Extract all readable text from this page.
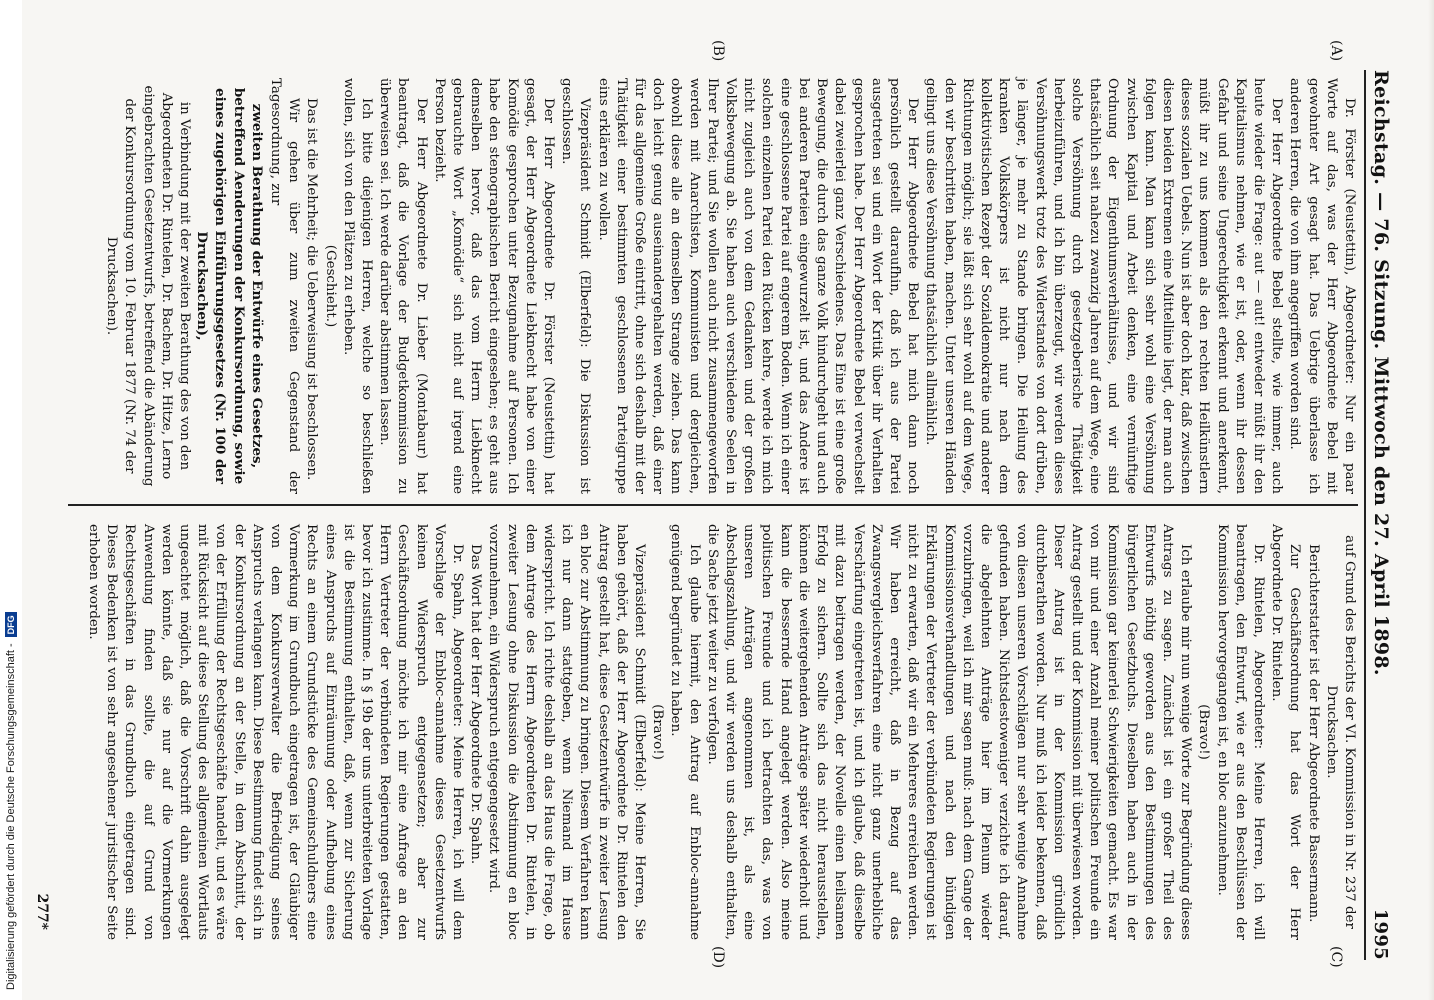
Digitalisierung gefördert durch die Deutsche Forschungsgemeinschaft -
DFG	Reichstag. — 76. Sitzung. Mittwoch den 27. April 1898.
1995
(A)
(B)
(C)
(D)

Dr. Förster (Neustettin), Abgeordneter: Nur ein paar Worte auf das, was der Herr Abgeordnete Bebel mit gewohnter Art gesagt hat. Das Uebrige überlasse ich anderen Herren, die von ihm angegriffen worden sind.

Der Herr Abgeordnete Bebel stellte, wie immer, auch heute wieder die Frage: aut — aut! entweder müßt ihr den Kapitalismus nehmen, wie er ist, oder, wenn ihr dessen Gefahr und seine Ungerechtigkeit erkennt und anerkennt, müßt ihr zu uns kommen als den rechten Heilkünstlern dieses sozialen Uebels. Nun ist aber doch klar, daß zwischen diesen beiden Extremen eine Mittellinie liegt, der man auch folgen kann. Man kann sich sehr wohl eine Versöhnung zwischen Kapital und Arbeit denken, eine vernünftige Ordnung der Eigenthumsverhältnisse, und wir sind thatsächlich seit nahezu zwanzig Jahren auf dem Wege, eine solche Versöhnung durch gesetzgeberische Thätigkeit herbeizuführen, und ich bin überzeugt, wir werden dieses Versöhnungswerk trotz des Widerstandes von dort drüben, je länger, je mehr zu Stande bringen. Die Heilung des kranken Volkskörpers ist nicht nur nach dem kollektivistischen Rezept der Sozialdemokratie und anderer Richtungen möglich; sie läßt sich sehr wohl auf dem Wege, den wir beschritten haben, machen. Unter unseren Händen gelingt uns diese Versöhnung thatsächlich allmählich.

Der Herr Abgeordnete Bebel hat mich dann noch persönlich gestellt daraufhin, daß ich aus der Partei ausgetreten sei und ein Wort der Kritik über ihr Verhalten gesprochen habe. Der Herr Abgeordnete Bebel verwechselt dabei zweierlei ganz Verschiedenes. Das Eine ist eine große Bewegung, die durch das ganze Volk hindurchgeht und auch bei anderen Parteien eingewurzelt ist, und das Andere ist eine geschlossene Partei auf engerem Boden. Wenn ich einer solchen einzelnen Partei den Rücken kehre, werde ich mich nicht zugleich auch von dem Gedanken und der großen Volksbewegung ab. Sie haben auch verschiedene Seelen in Ihrer Partei; und Sie wollen auch nicht zusammengeworfen werden mit Anarchisten, Kommunisten und dergleichen, obwohl diese alle an demselben Strange ziehen. Das kann doch leicht genug auseinandergehalten werden, daß einer für das allgemeine Große eintritt, ohne sich deshalb mit der Thätigkeit einer bestimmten geschlossenen Parteigruppe eins erklären zu wollen.

Vizepräsident Schmidt (Elberfeld): Die Diskussion ist geschlossen.

Der Herr Abgeordnete Dr. Förster (Neustettin) hat gesagt, der Herr Abgeordnete Liebknecht habe von einer Komödie gesprochen unter Bezugnahme auf Personen. Ich habe den stenographischen Bericht eingesehen; es geht aus demselben hervor, daß das vom Herrn Liebknecht gebrauchte Wort „Komödie“ sich nicht auf irgend eine Person bezieht.

Der Herr Abgeordnete Dr. Lieber (Montabaur) hat beantragt, daß die Vorlage der Budgetkommission zu überweisen sei. Ich werde darüber abstimmen lassen.

Ich bitte diejenigen Herren, welche so beschließen wollen, sich von den Plätzen zu erheben.

(Geschieht.)

Das ist die Mehrheit; die Ueberweisung ist beschlossen.

Wir gehen über zum zweiten Gegenstand der Tagesordnung, zur

zweiten Berathung der Entwürfe eines Gesetzes, betreffend Aenderungen der Konkursordnung, sowie eines zugehörigen Einführungsgesetzes (Nr. 100 der Drucksachen),

in Verbindung mit der zweiten Berathung des von den Abgeordneten Dr. Rintelen, Dr. Bachem, Dr. Hitze, Lerno eingebrachten Gesetzentwurfs, betreffend die Abänderung der Konkursordnung vom 10. Februar 1877 (Nr. 74 der Drucksachen).

auf Grund des Berichts der VI. Kommission in Nr. 237 der Drucksachen.

Berichterstatter ist der Herr Abgeordnete Bassermann.

Zur Geschäftsordnung hat das Wort der Herr Abgeordnete Dr. Rintelen.

Dr. Rintelen, Abgeordneter: Meine Herren, ich will beantragen, den Entwurf, wie er aus den Beschlüssen der Kommission hervorgegangen ist, en bloc anzunehmen.

(Bravo!)

Ich erlaube mir nun wenige Worte zur Begründung dieses Antrags zu sagen. Zunächst ist ein großer Theil des Entwurfs nöthig geworden aus den Bestimmungen des bürgerlichen Gesetzbuchs. Dieselben haben auch in der Kommission gar keinerlei Schwierigkeiten gemacht. Es war von mir und einer Anzahl meiner politischen Freunde ein Antrag gestellt und der Kommission mit überwiesen worden. Dieser Antrag ist in der Kommission gründlich durchberathen worden. Nur muß ich leider bekennen, daß von diesen unseren Vorschlägen nur sehr wenige Annahme gefunden haben. Nichtsdestoweniger verzichte ich darauf, die abgelehnten Anträge hier im Plenum wieder vorzubringen, weil ich mir sagen muß: nach dem Gange der Kommissionsverhandlungen und nach den bündigen Erklärungen der Vertreter der verbündeten Regierungen ist nicht zu erwarten, daß wir ein Mehreres erreichen werden. Wir haben erreicht, daß in Bezug auf das Zwangsvergleichsverfahren eine nicht ganz unerhebliche Verschärfung eingetreten ist, und ich glaube, daß dieselbe mit dazu beitragen werden, der Novelle einen heilsamen Erfolg zu sichern. Sollte sich das nicht herausstellen, können die weitergehenden Anträge später wiederholt und kann die bessernde Hand angelegt werden. Also meine politischen Freunde und ich betrachten das, was von unseren Anträgen angenommen ist, als eine Abschlagszahlung, und wir werden uns deshalb enthalten, die Sache jetzt weiter zu verfolgen.

Ich glaube hiermit, den Antrag auf Enbloc-annahme genügend begründet zu haben.

(Bravo!)

Vizepräsident Schmidt (Elberfeld): Meine Herren, Sie haben gehört, daß der Herr Abgeordnete Dr. Rintelen den Antrag gestellt hat, diese Gesetzentwürfe in zweiter Lesung en bloc zur Abstimmung zu bringen. Diesem Verfahren kann ich nur dann stattgeben, wenn Niemand im Hause widerspricht. Ich richte deshalb an das Haus die Frage, ob dem Antrage des Herrn Abgeordneten Dr. Rintelen, in zweiter Lesung ohne Diskussion die Abstimmung en bloc vorzunehmen, ein Widerspruch entgegengesetzt wird.

Das Wort hat der Herr Abgeordnete Dr. Spahn.

Dr. Spahn, Abgeordneter: Meine Herren, ich will dem Vorschlage der Enbloc-annahme dieses Gesetzentwurfs keinen Widerspruch entgegensetzen; aber zur Geschäftsordnung möchte ich mir eine Anfrage an den Herrn Vertreter der verbündeten Regierungen gestatten, bevor ich zustimme. In § 19b der uns unterbreiteten Vorlage ist die Bestimmung enthalten, daß, wenn zur Sicherung eines Anspruchs auf Einräumung oder Aufhebung eines Rechts an einem Grundstücke des Gemeinschuldners eine Vormerkung im Grundbuch eingetragen ist, der Gläubiger von dem Konkursverwalter die Befriedigung seines Anspruchs verlangen kann. Diese Bestimmung findet sich in der Konkursordnung an der Stelle, in dem Abschnitt, der von der Erfüllung der Rechtsgeschäfte handelt, und es wäre mit Rücksicht auf diese Stellung des allgemeinen Wortlauts ungeachtet möglich, daß die Vorschrift dahin ausgelegt werden könnte, daß sie nur auf die Vormerkungen Anwendung finden sollte, die auf Grund von Rechtsgeschäften in das Grundbuch eingetragen sind. Dieses Bedenken ist von sehr angesehener juristischer Seite erhoben worden.

277*
